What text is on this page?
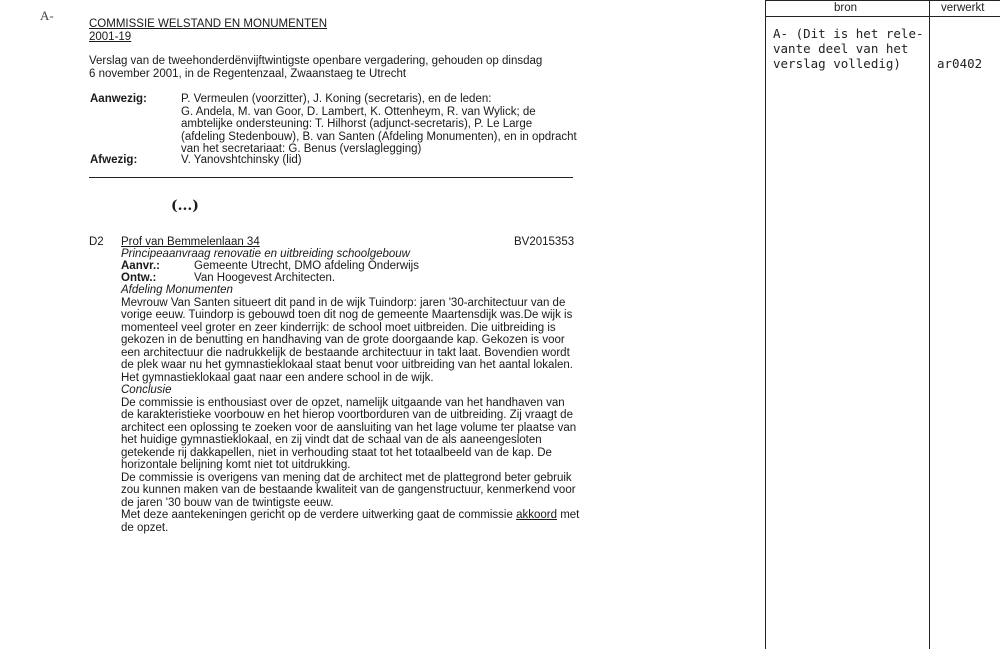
A-
COMMISSIE WELSTAND EN MONUMENTEN
2001-19
Verslag van de tweehonderdënvijftwintigste openbare vergadering, gehouden op dinsdag
6 november 2001, in de Regentenzaal, Zwaanstaeg te Utrecht
Aanwezig:	P. Vermeulen (voorzitter), J. Koning (secretaris), en de leden:
G. Andela, M. van Goor, D. Lambert, K. Ottenheym, R. van Wylick; de
ambtelijke ondersteuning: T. Hilhorst (adjunct-secretaris), P. Le Large
(afdeling Stedenbouw), B. van Santen (Afdeling Monumenten), en in opdracht
van het secretariaat: G. Benus (verslaglegging)
Afwezig:	V. Yanovshtchinsky (lid)
(...)
D2 Prof van Bemmelenlaan 34	BV2015353
Principeaanvraag renovatie en uitbreiding schoolgebouw
Aanvr.:	Gemeente Utrecht, DMO afdeling Onderwijs
Ontw.:	Van Hoogevest Architecten.
Afdeling Monumenten
Mevrouw Van Santen situeert dit pand in de wijk Tuindorp: jaren '30-architectuur van de
vorige eeuw. Tuindorp is gebouwd toen dit nog de gemeente Maartensdijk was.De wijk is
momenteel veel groter en zeer kinderrijk: de school moet uitbreiden. Die uitbreiding is
gekozen in de benutting en handhaving van de grote doorgaande kap. Gekozen is voor
een architectuur die nadrukkelijk de bestaande architectuur in takt laat. Bovendien wordt
de plek waar nu het gymnastieklokaal staat benut voor uitbreiding van het aantal lokalen.
Het gymnastieklokaal gaat naar een andere school in de wijk.
Conclusie
De commissie is enthousiast over de opzet, namelijk uitgaande van het handhaven van
de karakteristieke voorbouw en het hierop voortborduren van de uitbreiding. Zij vraagt de
architect een oplossing te zoeken voor de aansluiting van het lage volume ter plaatse van
het huidige gymnastieklokaal, en zij vindt dat de schaal van de als aaneengesloten
getekende rij dakkapellen, niet in verhouding staat tot het totaalbeeld van de kap. De
horizontale belijning komt niet tot uitdrukking.
De commissie is overigens van mening dat de architect met de plattegrond beter gebruik
zou kunnen maken van de bestaande kwaliteit van de gangenstructuur, kenmerkend voor
de jaren '30 bouw van de twintigste eeuw.
Met deze aantekeningen gericht op de verdere uitwerking gaat de commissie akkoord met
de opzet.
bron	verwerkt
A- (Dit is het rele-
vante deel van het
verslag volledig)	ar0402
